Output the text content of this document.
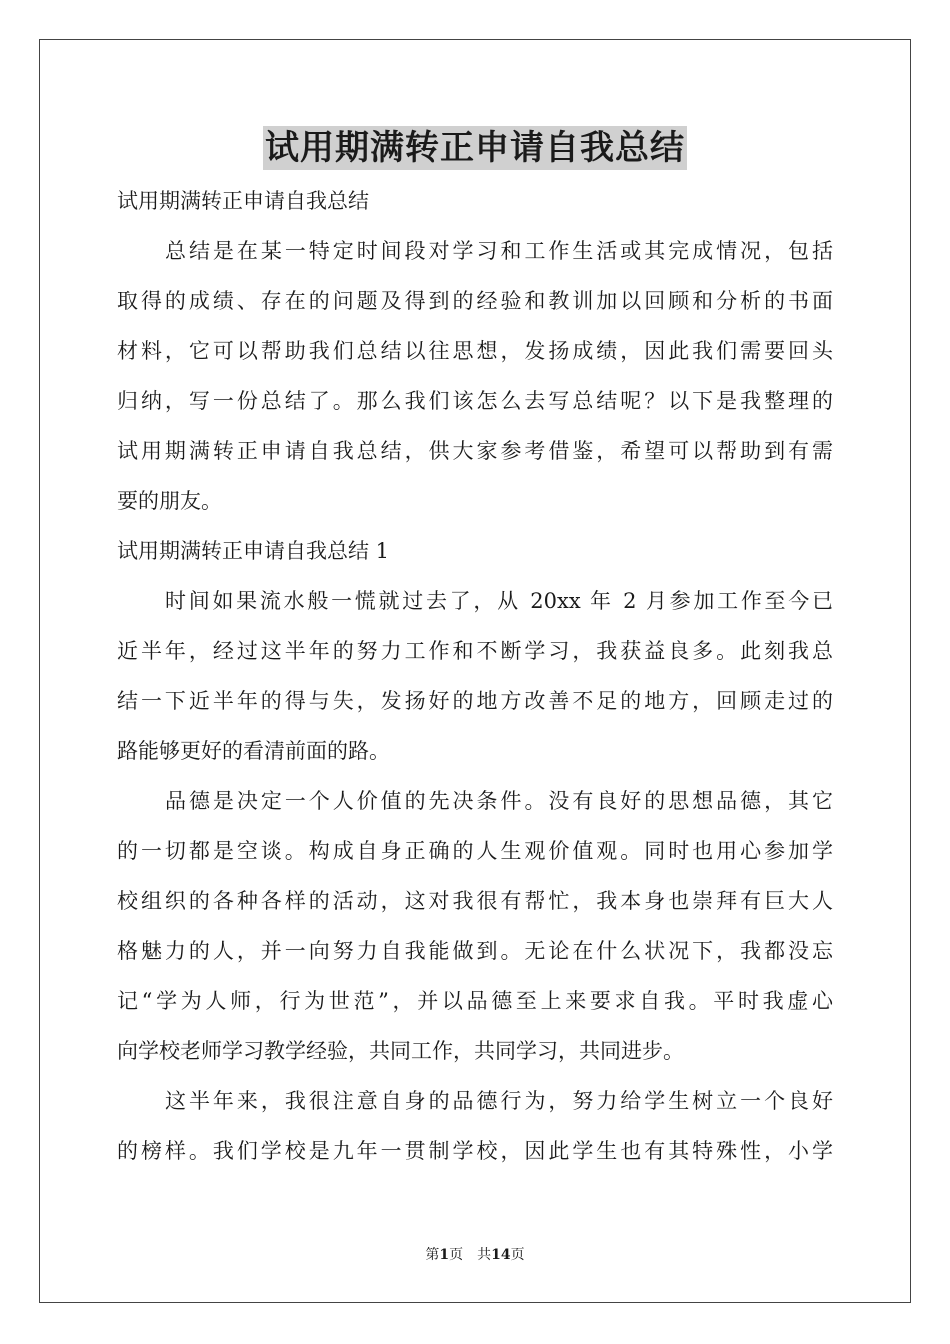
试用期满转正申请自我总结
试用期满转正申请自我总结
总结是在某一特定时间段对学习和工作生活或其完成情况，包括
取得的成绩、存在的问题及得到的经验和教训加以回顾和分析的书面
材料，它可以帮助我们总结以往思想，发扬成绩，因此我们需要回头
归纳，写一份总结了。那么我们该怎么去写总结呢？以下是我整理的
试用期满转正申请自我总结，供大家参考借鉴，希望可以帮助到有需
要的朋友。
试用期满转正申请自我总结 1
时间如果流水般一慌就过去了，从 20xx 年 2 月参加工作至今已
近半年，经过这半年的努力工作和不断学习，我获益良多。此刻我总
结一下近半年的得与失，发扬好的地方改善不足的地方，回顾走过的
路能够更好的看清前面的路。
品德是决定一个人价值的先决条件。没有良好的思想品德，其它
的一切都是空谈。构成自身正确的人生观价值观。同时也用心参加学
校组织的各种各样的活动，这对我很有帮忙，我本身也崇拜有巨大人
格魅力的人，并一向努力自我能做到。无论在什么状况下，我都没忘
记“学为人师，行为世范”，并以品德至上来要求自我。平时我虚心
向学校老师学习教学经验，共同工作，共同学习，共同进步。
这半年来，我很注意自身的品德行为，努力给学生树立一个良好
的榜样。我们学校是九年一贯制学校，因此学生也有其特殊性，小学
第1页　共14页
